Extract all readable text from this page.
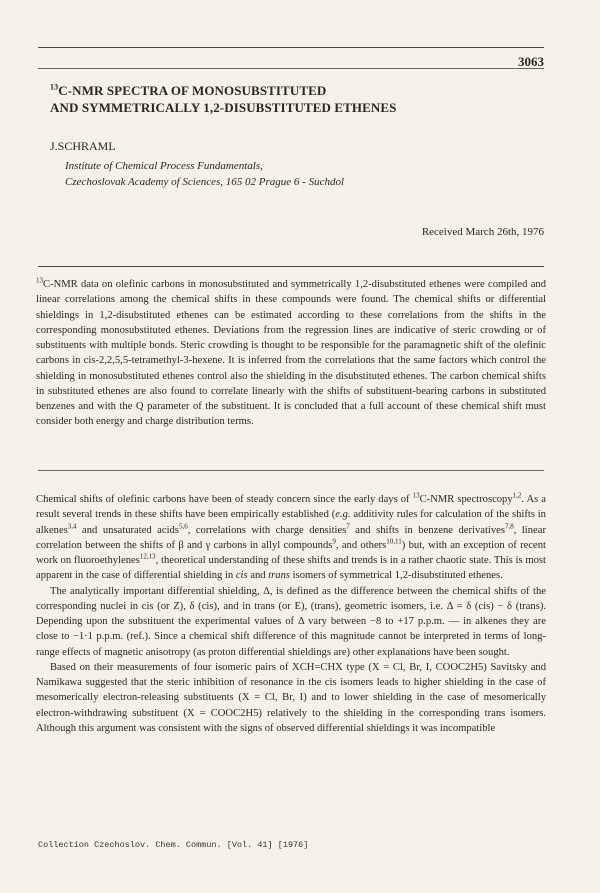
3063
$^{13}$C-NMR SPECTRA OF MONOSUBSTITUTED
AND SYMMETRICALLY 1,2-DISUBSTITUTED ETHENES
J.SCHRAML
Institute of Chemical Process Fundamentals,
Czechoslovak Academy of Sciences, 165 02 Prague 6 - Suchdol
Received March 26th, 1976
$^{13}$C-NMR data on olefinic carbons in monosubstituted and symmetrically 1,2-disubstituted ethenes were compiled and linear correlations among the chemical shifts in these compounds were found. The chemical shifts or differential shieldings in 1,2-disubstituted ethenes can be estimated according to these correlations from the shifts in the corresponding monosubstituted ethenes. Deviations from the regression lines are indicative of steric crowding or of substituents with multiple bonds. Steric crowding is thought to be responsible for the paramagnetic shift of the olefinic carbons in cis-2,2,5,5-tetramethyl-3-hexene. It is inferred from the correlations that the same factors which control the shielding in monosubstituted ethenes control also the shielding in the disubstituted ethenes. The carbon chemical shifts in substituted ethenes are also found to correlate linearly with the shifts of substituent-bearing carbons in substituted benzenes and with the Q parameter of the substituent. It is concluded that a full account of these chemical shift must consider both energy and charge distribution terms.

Chemical shifts of olefinic carbons have been of steady concern since the early days of $^{13}$C-NMR spectroscopy$^{1,2}$. As a result several trends in these shifts have been empirically established (e.g. additivity rules for calculation of the shifts in alkenes$^{3,4}$ and unsaturated acids$^{5,6}$, correlations with charge densities$^7$ and shifts in benzene derivatives$^{7,8}$, linear correlation between the shifts of β and γ carbons in allyl compounds$^9$, and others$^{10,11}$) but, with an exception of recent work on fluoroethylenes$^{12,13}$, theoretical understanding of these shifts and trends is in a rather chaotic state. This is most apparent in the case of differential shielding in cis and trans isomers of symmetrical 1,2-disubstituted ethenes.

The analytically important differential shielding, Δ, is defined as the difference between the chemical shifts of the corresponding nuclei in cis (or Z), δ (cis), and in trans (or E), (trans), geometric isomers, i.e. Δ = δ (cis) − δ (trans). Depending upon the substituent the experimental values of Δ vary between −8 to +17 p.p.m. — in alkenes they are close to −1·1 p.p.m. (ref.). Since a chemical shift difference of this magnitude cannot be interpreted in terms of long-range effects of magnetic anisotropy (as proton differential shieldings are) other explanations have been sought.

Based on their measurements of four isomeric pairs of XCH=CHX type (X = Cl, Br, I, COOC2H5) Savitsky and Namikawa suggested that the steric inhibition of resonance in the cis isomers leads to higher shielding in the case of mesomerically electron-releasing substituents (X = Cl, Br, I) and to lower shielding in the case of mesomerically electron-withdrawing substituent (X = COOC2H5) relatively to the shielding in the corresponding trans isomers. Although this argument was consistent with the signs of observed differential shieldings it was incompatible

Collection Czechoslov. Chem. Commun. [Vol. 41] [1976]
